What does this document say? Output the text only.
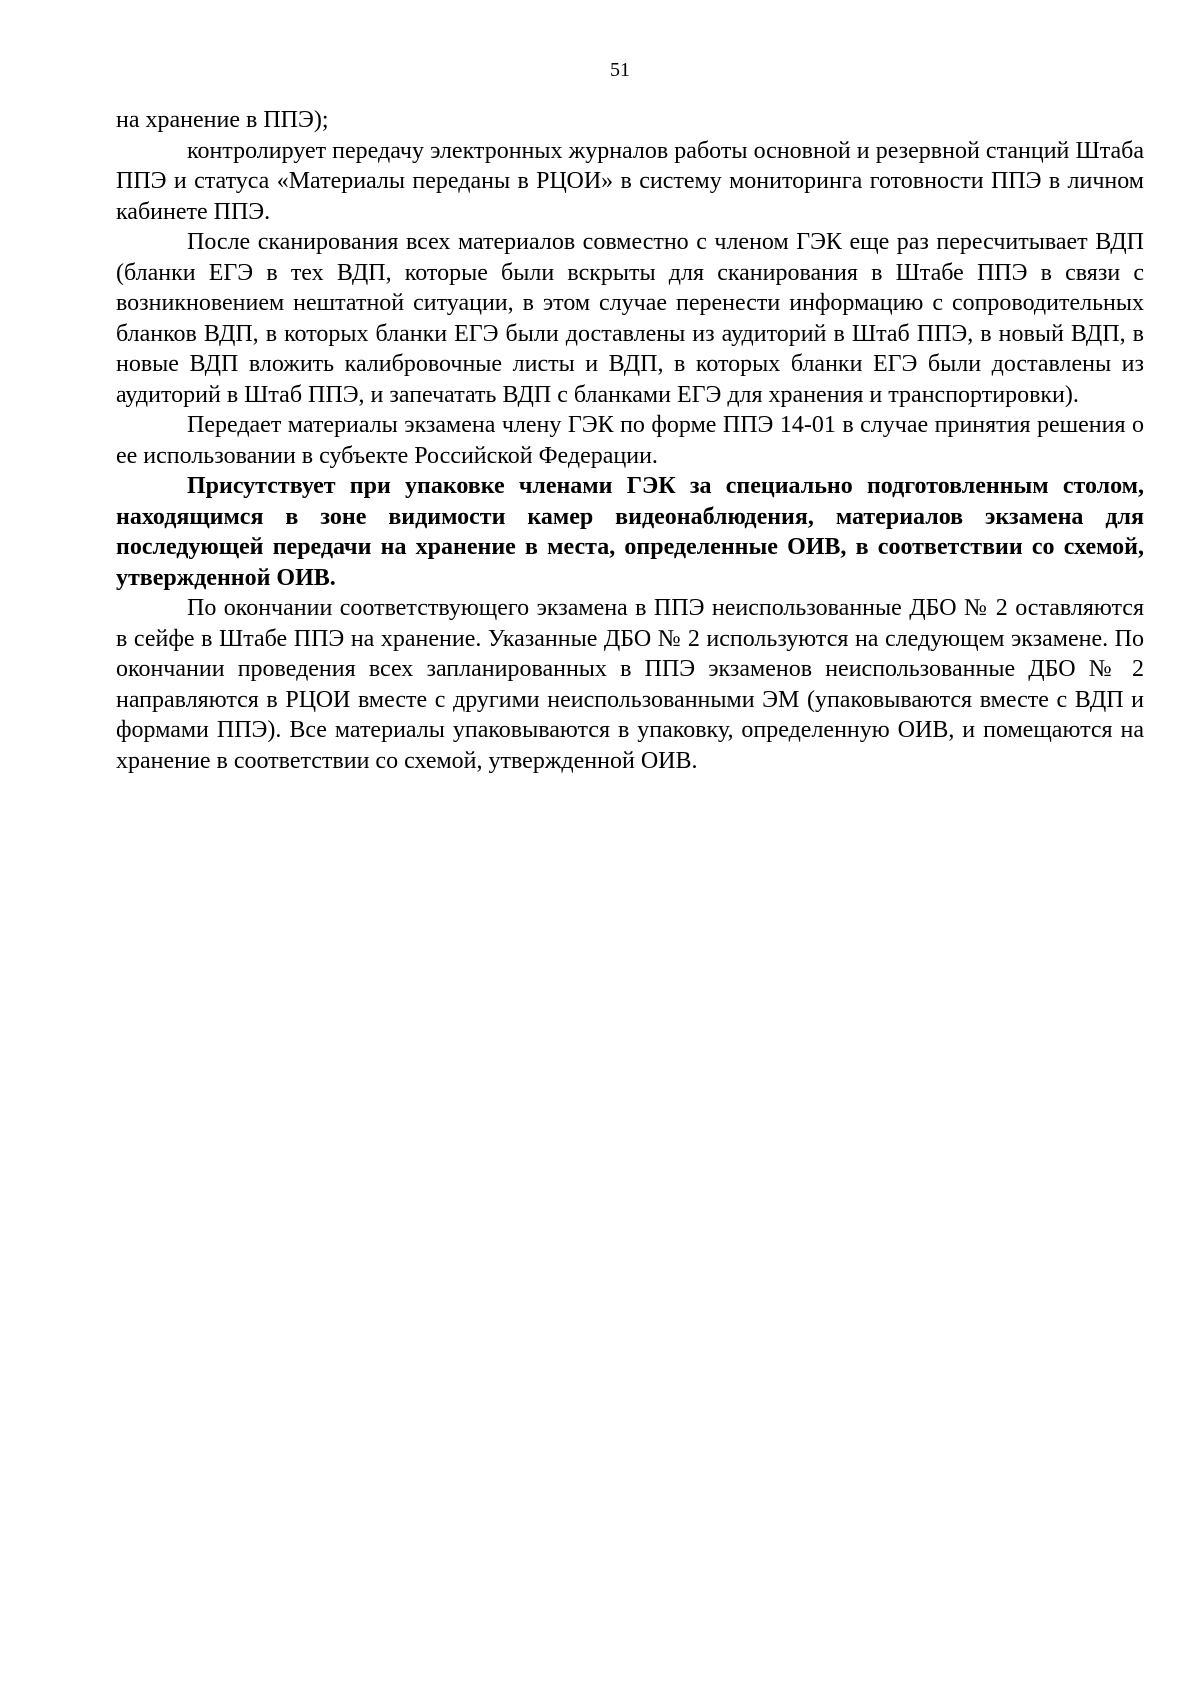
51

на хранение в ППЭ);

контролирует передачу электронных журналов работы основной и резервной станций Штаба ППЭ и статуса «Материалы переданы в РЦОИ» в систему мониторинга готовности ППЭ в личном кабинете ППЭ.

После сканирования всех материалов совместно с членом ГЭК еще раз пересчитывает ВДП (бланки ЕГЭ в тех ВДП, которые были вскрыты для сканирования в Штабе ППЭ в связи с возникновением нештатной ситуации, в этом случае перенести информацию с сопроводительных бланков ВДП, в которых бланки ЕГЭ были доставлены из аудиторий в Штаб ППЭ, в новый ВДП, в новые ВДП вложить калибровочные листы и ВДП, в которых бланки ЕГЭ были доставлены из аудиторий в Штаб ППЭ, и запечатать ВДП с бланками ЕГЭ для хранения и транспортировки).

Передает материалы экзамена члену ГЭК по форме ППЭ 14-01 в случае принятия решения о ее использовании в субъекте Российской Федерации.

Присутствует при упаковке членами ГЭК за специально подготовленным столом, находящимся в зоне видимости камер видеонаблюдения, материалов экзамена для последующей передачи на хранение в места, определенные ОИВ, в соответствии со схемой, утвержденной ОИВ.

По окончании соответствующего экзамена в ППЭ неиспользованные ДБО № 2 оставляются в сейфе в Штабе ППЭ на хранение. Указанные ДБО № 2 используются на следующем экзамене. По окончании проведения всех запланированных в ППЭ экзаменов неиспользованные ДБО № 2 направляются в РЦОИ вместе с другими неиспользованными ЭМ (упаковываются вместе с ВДП и формами ППЭ). Все материалы упаковываются в упаковку, определенную ОИВ, и помещаются на хранение в соответствии со схемой, утвержденной ОИВ.
